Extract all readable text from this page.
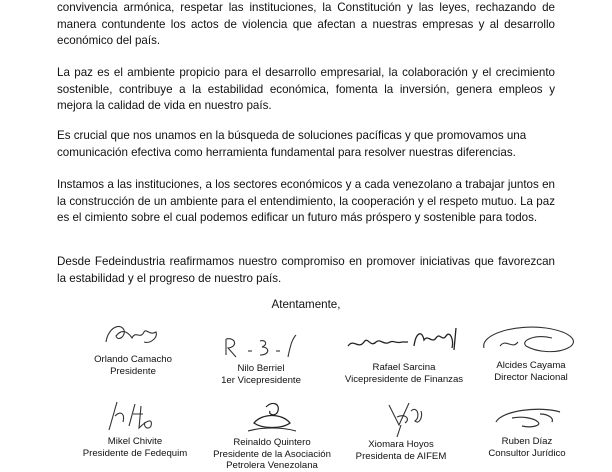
convivencia armónica, respetar las instituciones, la Constitución y las leyes, rechazando de manera contundente los actos de violencia que afectan a nuestras empresas y al desarrollo económico del país.

La paz es el ambiente propicio para el desarrollo empresarial, la colaboración y el crecimiento sostenible, contribuye a la estabilidad económica, fomenta la inversión, genera empleos y mejora la calidad de vida en nuestro país.

Es crucial que nos unamos en la búsqueda de soluciones pacíficas y que promovamos una comunicación efectiva como herramienta fundamental para resolver nuestras diferencias.

Instamos a las instituciones, a los sectores económicos y a cada venezolano a trabajar juntos en la construcción de un ambiente para el entendimiento, la cooperación y el respeto mutuo. La paz es el cimiento sobre el cual podemos edificar un futuro más próspero y sostenible para todos.

Desde Fedeindustria reafirmamos nuestro compromiso en promover iniciativas que favorezcan la estabilidad y el progreso de nuestro país.

Atentamente,

Orlando Camacho
Presidente	Nilo Berriel
1er Vicepresidente
Rafael Sarcina
Vicepresidente de Finanzas
Alcides Cayama
Director Nacional
Mikel Chivite
Presidente de Fedequim
Reinaldo Quintero
Presidente de la Asociación Petrolera Venezolana
Xiomara Hoyos
Presidenta de AIFEM
Ruben Díaz
Consultor Jurídico
